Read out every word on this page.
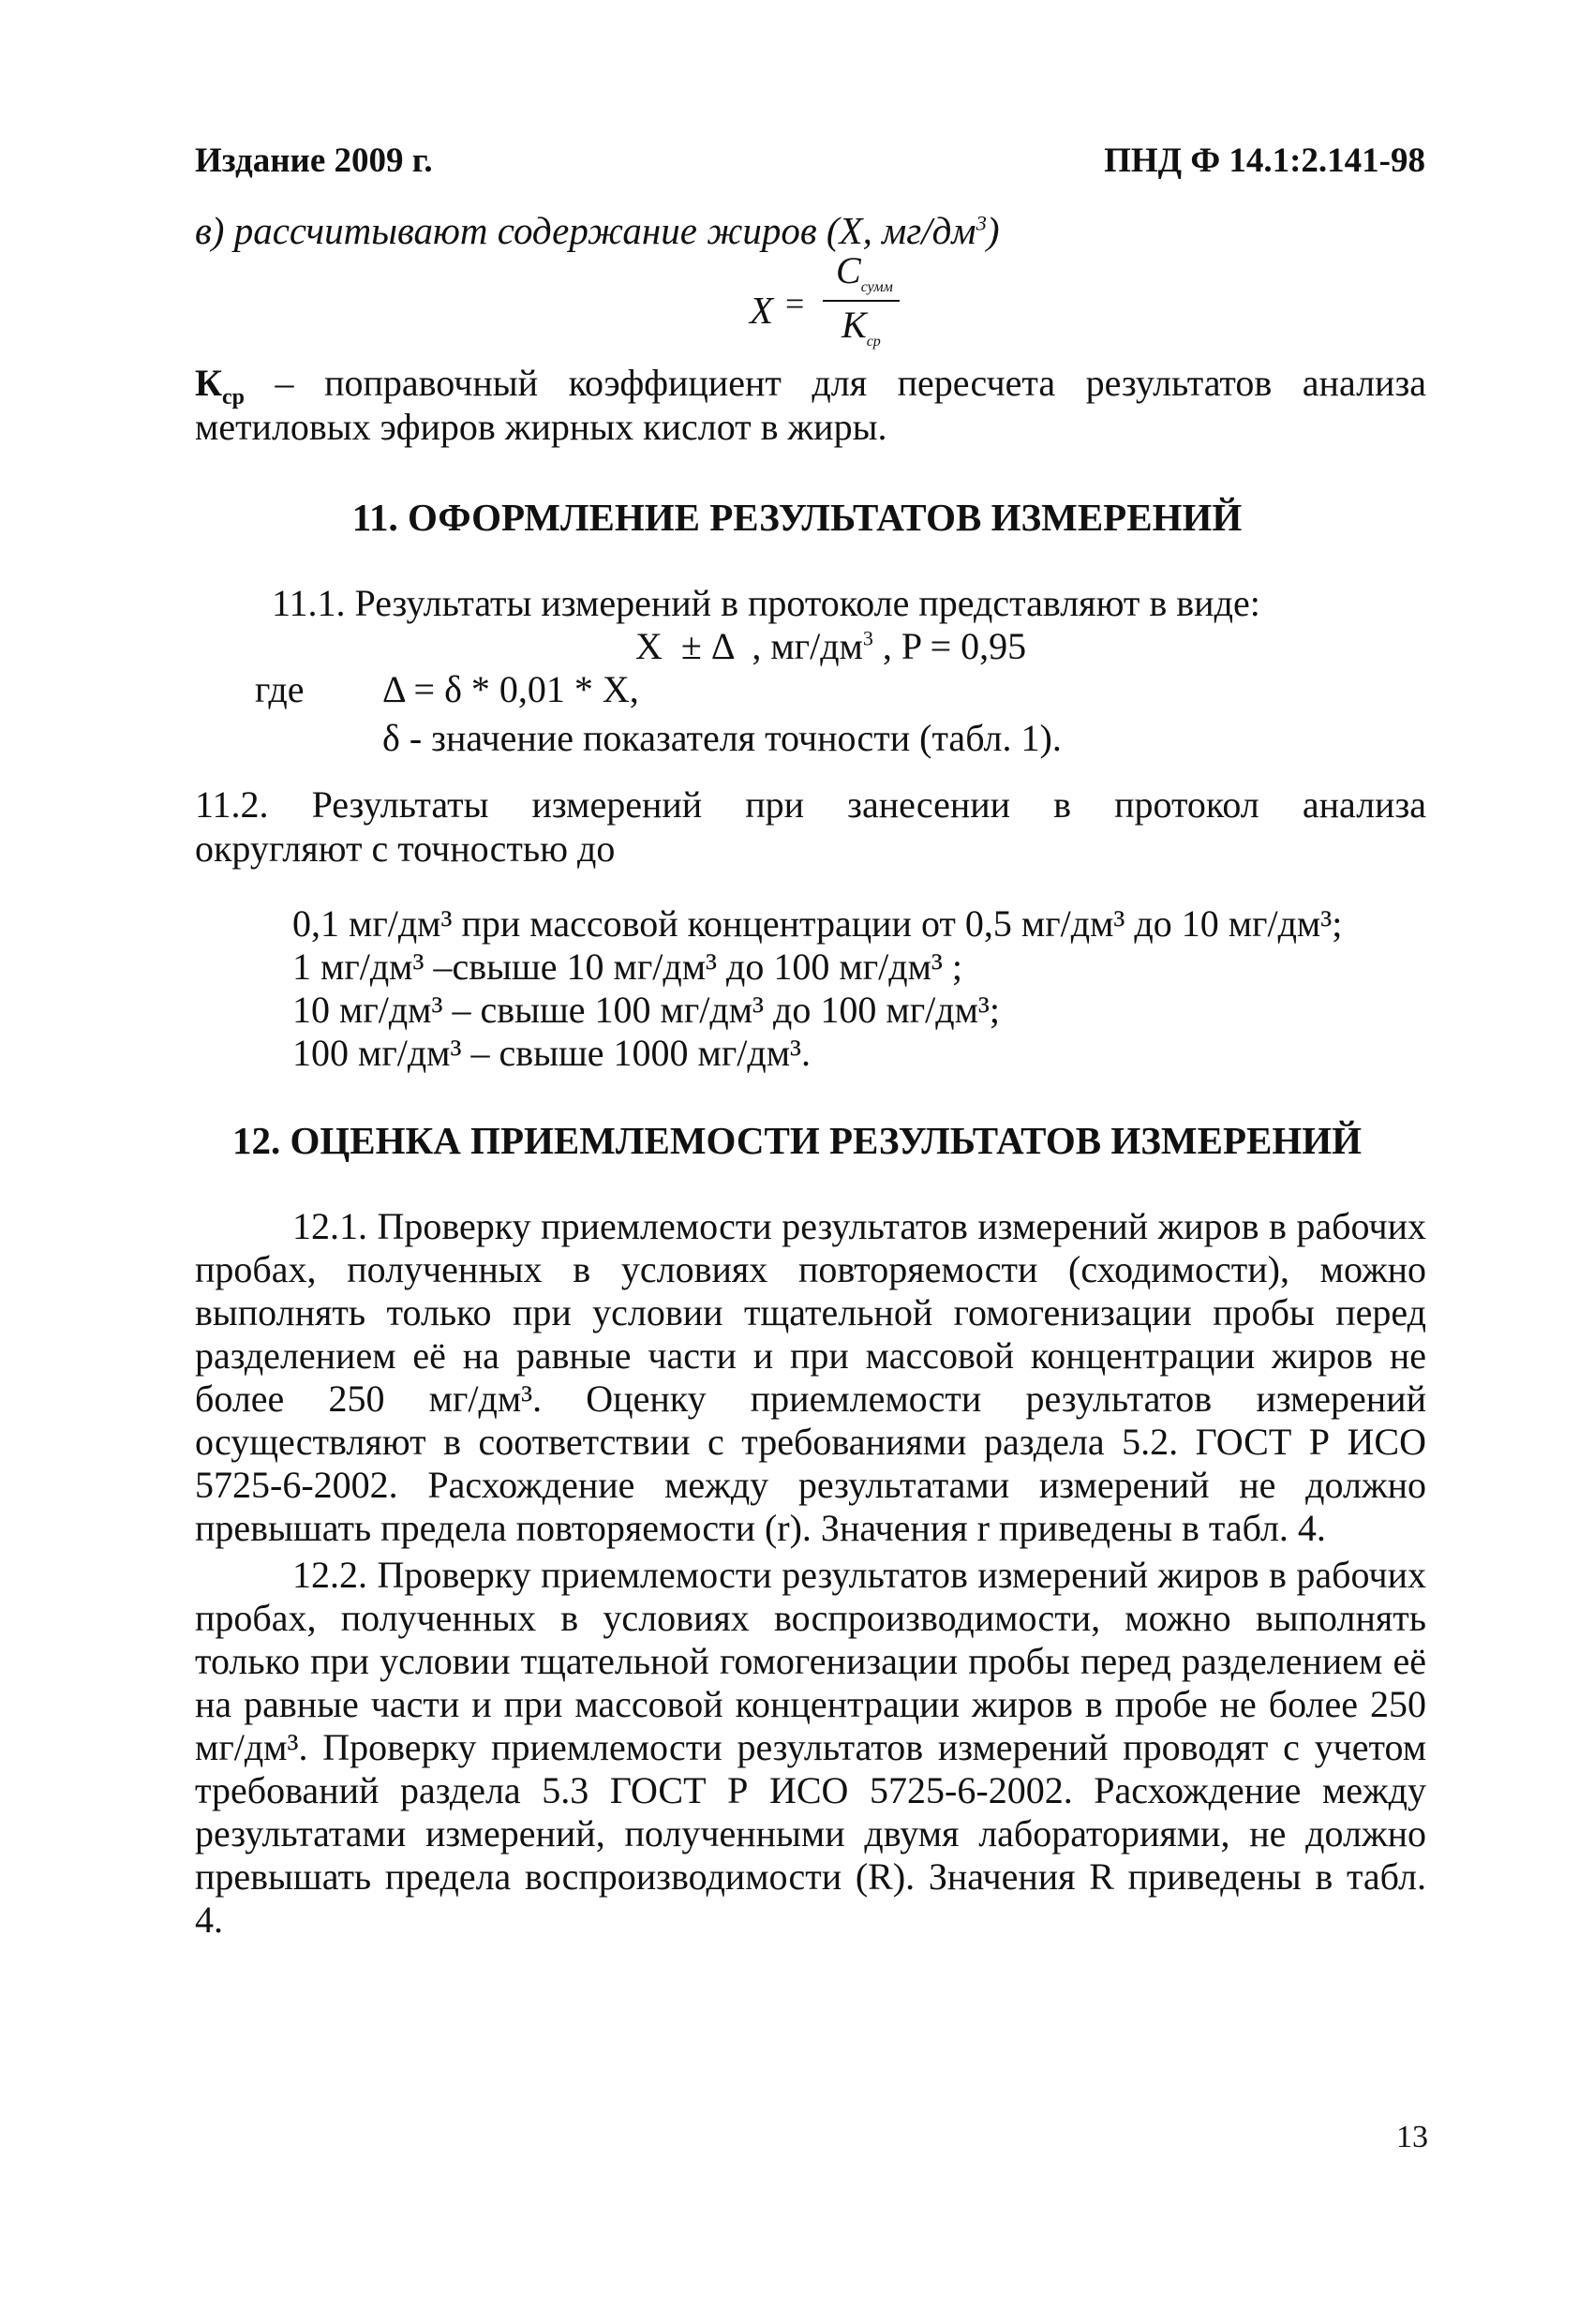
Издание 2009 г.	ПНД Ф 14.1:2.141-98
в) рассчитывают содержание жиров (X, $мг/дм^3$)
X =
$C_{сумм}$
$K_{ср}$
$К_{ср}$ – поправочный коэффициент для пересчета результатов анализа
метиловых эфиров жирных кислот в жиры.
11. ОФОРМЛЕНИЕ РЕЗУЛЬТАТОВ ИЗМЕРЕНИЙ
11.1. Результаты измерений в протоколе представляют в виде:
X  ± Δ  , $мг/дм^3$ , P = 0,95
где Δ = δ * 0,01 * X,
δ - значение показателя точности (табл. 1).
11.2. Результаты измерений при занесении в протокол анализа
округляют с точностью до
0,1 мг/дм³ при массовой концентрации от 0,5 мг/дм³ до 10 мг/дм³;
1 мг/дм³ –свыше 10 мг/дм³ до 100 мг/дм³ ;
10 мг/дм³ – свыше 100 мг/дм³ до 100 мг/дм³;
100 мг/дм³ – свыше 1000 мг/дм³.
12. ОЦЕНКА ПРИЕМЛЕМОСТИ РЕЗУЛЬТАТОВ ИЗМЕРЕНИЙ
12.1. Проверку приемлемости результатов измерений жиров в рабочих
пробах, полученных в условиях повторяемости (сходимости), можно
выполнять только при условии тщательной гомогенизации пробы перед
разделением её на равные части и при массовой концентрации жиров не
более 250 мг/дм³. Оценку приемлемости результатов измерений
осуществляют в соответствии с требованиями раздела 5.2. ГОСТ Р ИСО
5725-6-2002. Расхождение между результатами измерений не должно
превышать предела повторяемости (r). Значения r приведены в табл. 4.
12.2. Проверку приемлемости результатов измерений жиров в рабочих
пробах, полученных в условиях воспроизводимости, можно выполнять
только при условии тщательной гомогенизации пробы перед разделением её
на равные части и при массовой концентрации жиров в пробе не более 250
мг/дм³. Проверку приемлемости результатов измерений проводят с учетом
требований раздела 5.3 ГОСТ Р ИСО 5725-6-2002. Расхождение между
результатами измерений, полученными двумя лабораториями, не должно
превышать предела воспроизводимости (R). Значения R приведены в табл. 4.
13
